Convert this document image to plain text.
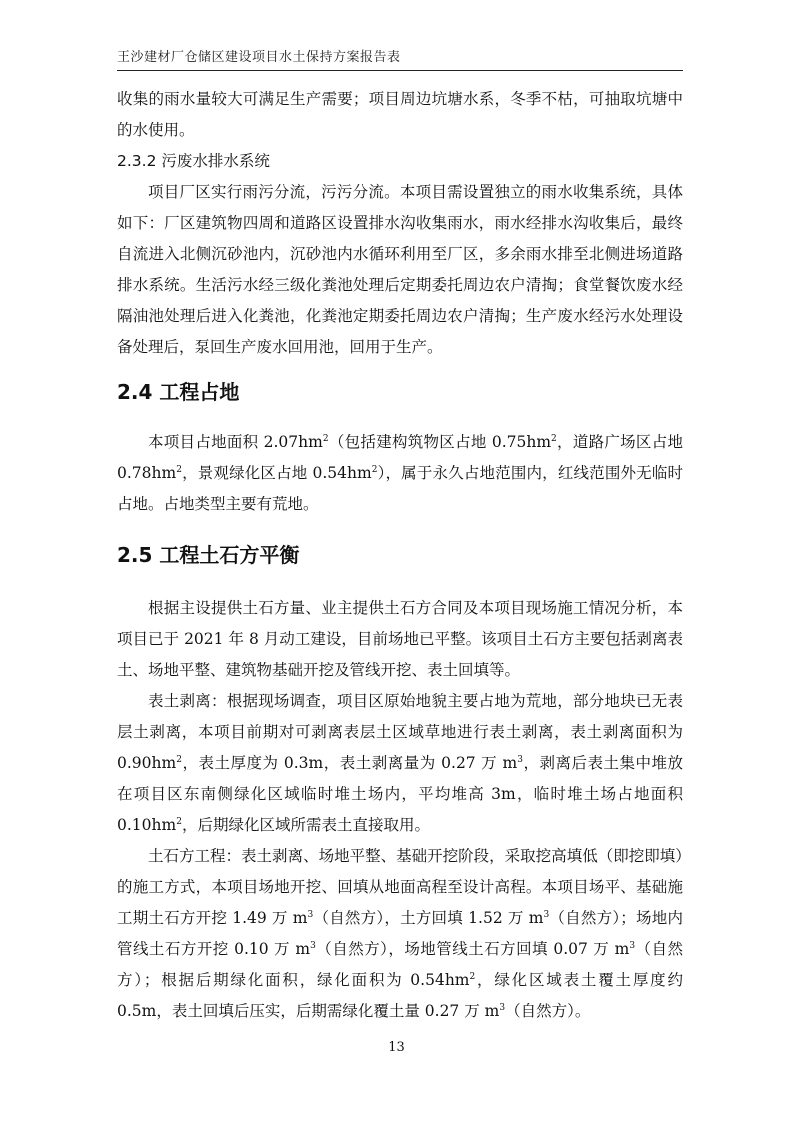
王沙建材厂仓储区建设项目水土保持方案报告表

收集的雨水量较大可满足生产需要；项目周边坑塘水系，冬季不枯，可抽取坑塘中的水使用。

2.3.2 污废水排水系统

项目厂区实行雨污分流，污污分流。本项目需设置独立的雨水收集系统，具体如下：厂区建筑物四周和道路区设置排水沟收集雨水，雨水经排水沟收集后，最终自流进入北侧沉砂池内，沉砂池内水循环利用至厂区，多余雨水排至北侧进场道路排水系统。生活污水经三级化粪池处理后定期委托周边农户清掏；食堂餐饮废水经隔油池处理后进入化粪池，化粪池定期委托周边农户清掏；生产废水经污水处理设备处理后，泵回生产废水回用池，回用于生产。

2.4 工程占地

本项目占地面积 $2.07hm^2$（包括建构筑物区占地 $0.75hm^2$，道路广场区占地 $0.78hm^2$，景观绿化区占地 $0.54hm^2$），属于永久占地范围内，红线范围外无临时占地。占地类型主要有荒地。

2.5 工程土石方平衡

根据主设提供土石方量、业主提供土石方合同及本项目现场施工情况分析，本项目已于 2021 年 8 月动工建设，目前场地已平整。该项目土石方主要包括剥离表土、场地平整、建筑物基础开挖及管线开挖、表土回填等。

表土剥离：根据现场调查，项目区原始地貌主要占地为荒地，部分地块已无表层土剥离，本项目前期对可剥离表层土区域草地进行表土剥离，表土剥离面积为 $0.90hm^2$，表土厚度为 0.3m，表土剥离量为 0.27 万 $m^3$，剥离后表土集中堆放在项目区东南侧绿化区域临时堆土场内，平均堆高 3m，临时堆土场占地面积 $0.10hm^2$，后期绿化区域所需表土直接取用。

土石方工程：表土剥离、场地平整、基础开挖阶段，采取挖高填低（即挖即填）的施工方式，本项目场地开挖、回填从地面高程至设计高程。本项目场平、基础施工期土石方开挖 1.49 万 $m^3$（自然方），土方回填 1.52 万 $m^3$（自然方）；场地内管线土石方开挖 0.10 万 $m^3$（自然方），场地管线土石方回填 0.07 万 $m^3$（自然方）；根据后期绿化面积，绿化面积为 $0.54hm^2$，绿化区域表土覆土厚度约 0.5m，表土回填后压实，后期需绿化覆土量 0.27 万 $m^3$（自然方）。

13
